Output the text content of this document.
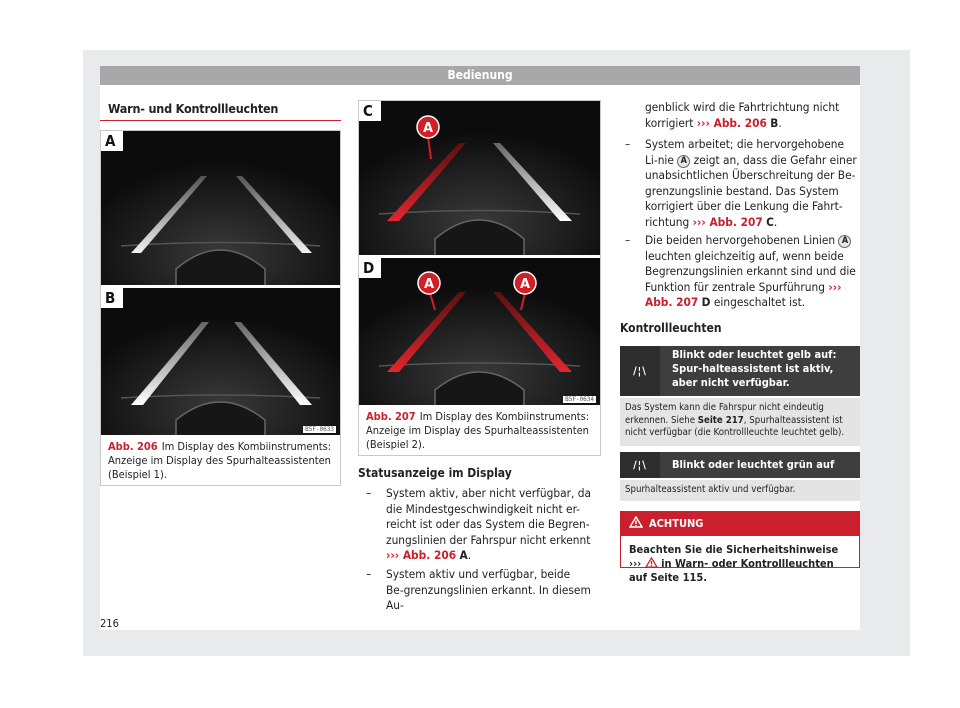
Bedienung
Warn- und Kontrollleuchten
A
B
B5F-0633
Abb. 206 Im Display des Kombiinstruments: Anzeige im Display des Spurhalteassistenten (Beispiel 1).
A
C
A	A
D
B5F-0634
Abb. 207 Im Display des Kombiinstruments: Anzeige im Display des Spurhalteassistenten (Beispiel 2).
Statusanzeige im Display
– System aktiv, aber nicht verfügbar, da die Mindestgeschwindigkeit nicht er-reicht ist oder das System die Begren-zungslinien der Fahrspur nicht erkennt ››› Abb. 206 A.
– System aktiv und verfügbar, beide Be-grenzungslinien erkannt. In diesem Au-
genblick wird die Fahrtrichtung nicht korrigiert ››› Abb. 206 B.
– System arbeitet; die hervorgehobene Li-nie A zeigt an, dass die Gefahr einer unabsichtlichen Überschreitung der Be-grenzungslinie bestand. Das System korrigiert über die Lenkung die Fahrt-richtung ››› Abb. 207 C.
– Die beiden hervorgehobenen Linien A leuchten gleichzeitig auf, wenn beide Begrenzungslinien erkannt sind und die Funktion für zentrale Spurführung ››› Abb. 207 D eingeschaltet ist.
Kontrollleuchten
/¦\
Blinkt oder leuchtet gelb auf: Spur-halteassistent ist aktiv, aber nicht verfügbar.
Das System kann die Fahrspur nicht eindeutig erkennen. Siehe Seite 217, Spurhalteassistent ist nicht verfügbar (die Kontrollleuchte leuchtet gelb).
/¦\	Blinkt oder leuchtet grün auf
Spurhalteassistent aktiv und verfügbar.
ACHTUNG
Beachten Sie die Sicherheitshinweise ››› in Warn- oder Kontrollleuchten auf Seite 115.
216
